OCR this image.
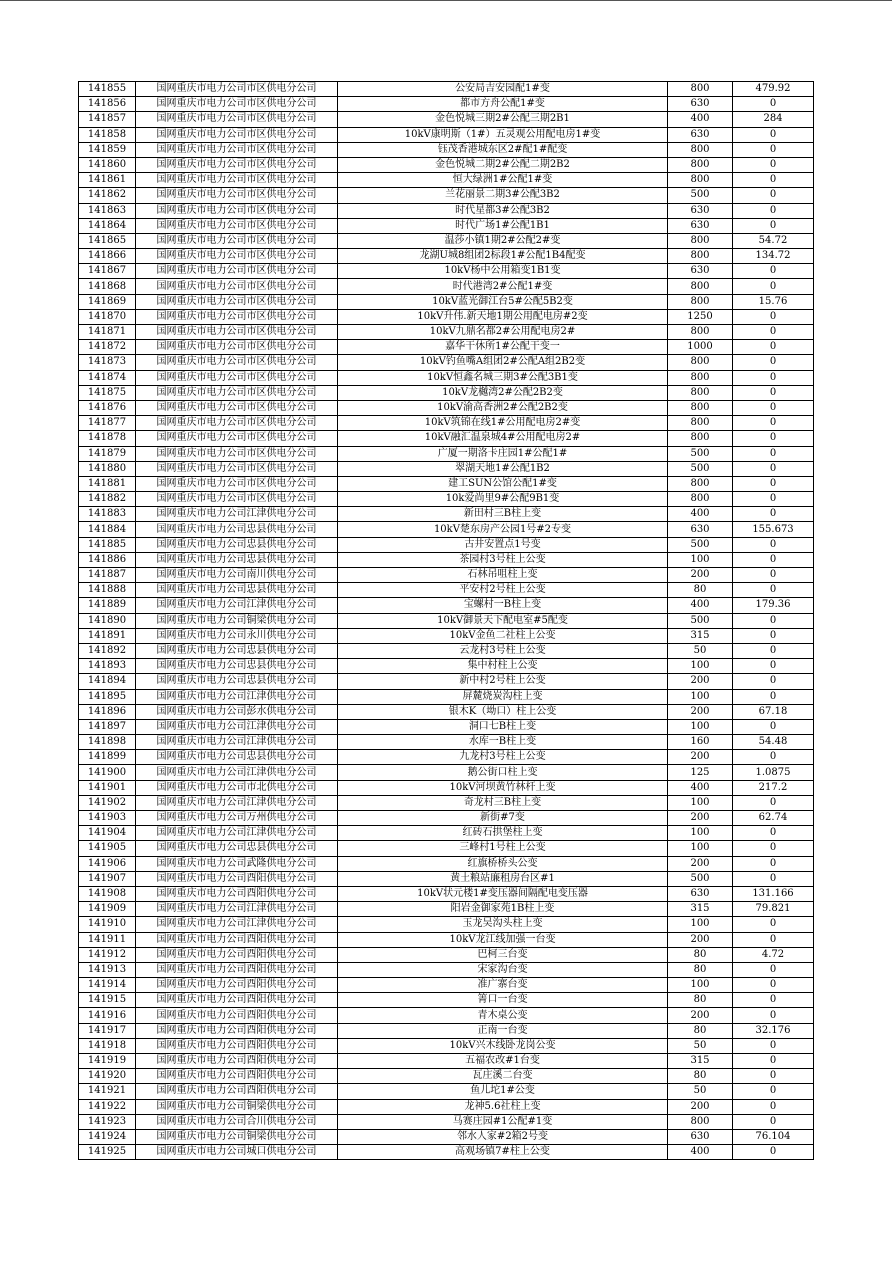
141855	国网重庆市电力公司市区供电分公司	公安局吉安园配1#变	800	479.92
141856	国网重庆市电力公司市区供电分公司	都市方舟公配1#变	630	0
141857	国网重庆市电力公司市区供电分公司	金色悦城三期2#公配三期2B1	400	284
141858	国网重庆市电力公司市区供电分公司	10kV康明斯（1#）五灵观公用配电房1#变	630	0
141859	国网重庆市电力公司市区供电分公司	钰茂香港城东区2#配1#配变	800	0
141860	国网重庆市电力公司市区供电分公司	金色悦城二期2#公配二期2B2	800	0
141861	国网重庆市电力公司市区供电分公司	恒大绿洲1#公配1#变	800	0
141862	国网重庆市电力公司市区供电分公司	兰花丽景二期3#公配3B2	500	0
141863	国网重庆市电力公司市区供电分公司	时代星都3#公配3B2	630	0
141864	国网重庆市电力公司市区供电分公司	时代广场1#公配1B1	630	0
141865	国网重庆市电力公司市区供电分公司	温莎小镇1期2#公配2#变	800	54.72
141866	国网重庆市电力公司市区供电分公司	龙湖U城8组团2标段1#公配1B4配变	800	134.72
141867	国网重庆市电力公司市区供电分公司	10kV杨中公用箱变1B1变	630	0
141868	国网重庆市电力公司市区供电分公司	时代港湾2#公配1#变	800	0
141869	国网重庆市电力公司市区供电分公司	10kV蓝光御江台5#公配5B2变	800	15.76
141870	国网重庆市电力公司市区供电分公司	10kV升伟.新天地1期公用配电房#2变	1250	0
141871	国网重庆市电力公司市区供电分公司	10kV九鼎名都2#公用配电房2#	800	0
141872	国网重庆市电力公司市区供电分公司	嘉华干休所1#公配干变一	1000	0
141873	国网重庆市电力公司市区供电分公司	10kV钓鱼嘴A组团2#公配A组2B2变	800	0
141874	国网重庆市电力公司市区供电分公司	10kV恒鑫名城三期3#公配3B1变	800	0
141875	国网重庆市电力公司市区供电分公司	10kV龙樾湾2#公配2B2变	800	0
141876	国网重庆市电力公司市区供电分公司	10kV渝高香洲2#公配2B2变	800	0
141877	国网重庆市电力公司市区供电分公司	10kV筑锦在线1#公用配电房2#变	800	0
141878	国网重庆市电力公司市区供电分公司	10kV融汇温泉城4#公用配电房2#	800	0
141879	国网重庆市电力公司市区供电分公司	广厦一期洛卡庄园1#公配1#	500	0
141880	国网重庆市电力公司市区供电分公司	翠湖天地1#公配1B2	500	0
141881	国网重庆市电力公司市区供电分公司	建工SUN公馆公配1#变	800	0
141882	国网重庆市电力公司市区供电分公司	10k爱尚里9#公配9B1变	800	0
141883	国网重庆市电力公司江津供电分公司	新田村三B柱上变	400	0
141884	国网重庆市电力公司忠县供电分公司	10kV楚东房产公园1号#2专变	630	155.673
141885	国网重庆市电力公司忠县供电分公司	古井安置点1号变	500	0
141886	国网重庆市电力公司忠县供电分公司	茶园村3号柱上公变	100	0
141887	国网重庆市电力公司南川供电分公司	石林吊咀柱上变	200	0
141888	国网重庆市电力公司忠县供电分公司	平安村2号柱上公变	80	0
141889	国网重庆市电力公司江津供电分公司	宝螺村一B柱上变	400	179.36
141890	国网重庆市电力公司铜梁供电分公司	10kV御景天下配电室#5配变	500	0
141891	国网重庆市电力公司永川供电分公司	10kV金鱼二社柱上公变	315	0
141892	国网重庆市电力公司忠县供电分公司	云龙村3号柱上公变	50	0
141893	国网重庆市电力公司忠县供电分公司	集中村柱上公变	100	0
141894	国网重庆市电力公司忠县供电分公司	新中村2号柱上公变	200	0
141895	国网重庆市电力公司江津供电分公司	屏麓烧炭沟柱上变	100	0
141896	国网重庆市电力公司彭水供电分公司	银木K（坳口）柱上公变	200	67.18
141897	国网重庆市电力公司江津供电分公司	洞口七B柱上变	100	0
141898	国网重庆市电力公司江津供电分公司	水库一B柱上变	160	54.48
141899	国网重庆市电力公司忠县供电分公司	九龙村3号柱上公变	200	0
141900	国网重庆市电力公司江津供电分公司	鹅公街口柱上变	125	1.0875
141901	国网重庆市电力公司市北供电分公司	10kV河坝黄竹林杆上变	400	217.2
141902	国网重庆市电力公司江津供电分公司	奇龙村三B柱上变	100	0
141903	国网重庆市电力公司万州供电分公司	新街#7变	200	62.74
141904	国网重庆市电力公司江津供电分公司	红砖石拱堡柱上变	100	0
141905	国网重庆市电力公司忠县供电分公司	三峰村1号柱上公变	100	0
141906	国网重庆市电力公司武隆供电分公司	红旗桥桥头公变	200	0
141907	国网重庆市电力公司酉阳供电分公司	黄土粮站廉租房台区#1	500	0
141908	国网重庆市电力公司酉阳供电分公司	10kV状元楼1#变压器间隔配电变压器	630	131.166
141909	国网重庆市电力公司江津供电分公司	阳岩金御家苑1B柱上变	315	79.821
141910	国网重庆市电力公司江津供电分公司	玉龙吴沟头柱上变	100	0
141911	国网重庆市电力公司酉阳供电分公司	10kV龙江线加强一台变	200	0
141912	国网重庆市电力公司酉阳供电分公司	巴柯三台变	80	4.72
141913	国网重庆市电力公司酉阳供电分公司	宋家沟台变	80	0
141914	国网重庆市电力公司酉阳供电分公司	准广寨台变	100	0
141915	国网重庆市电力公司酉阳供电分公司	箐口一台变	80	0
141916	国网重庆市电力公司酉阳供电分公司	青木桌公变	200	0
141917	国网重庆市电力公司酉阳供电分公司	正南一台变	80	32.176
141918	国网重庆市电力公司酉阳供电分公司	10kV兴木线卧龙岗公变	50	0
141919	国网重庆市电力公司酉阳供电分公司	五福农改#1台变	315	0
141920	国网重庆市电力公司酉阳供电分公司	瓦庄溪二台变	80	0
141921	国网重庆市电力公司酉阳供电分公司	鱼儿坨1#公变	50	0
141922	国网重庆市电力公司铜梁供电分公司	龙神5.6社柱上变	200	0
141923	国网重庆市电力公司合川供电分公司	马赛庄园#1公配#1变	800	0
141924	国网重庆市电力公司铜梁供电分公司	邻水人家#2箱2号变	630	76.104
141925	国网重庆市电力公司城口供电分公司	高观场镇7#柱上公变	400	0
